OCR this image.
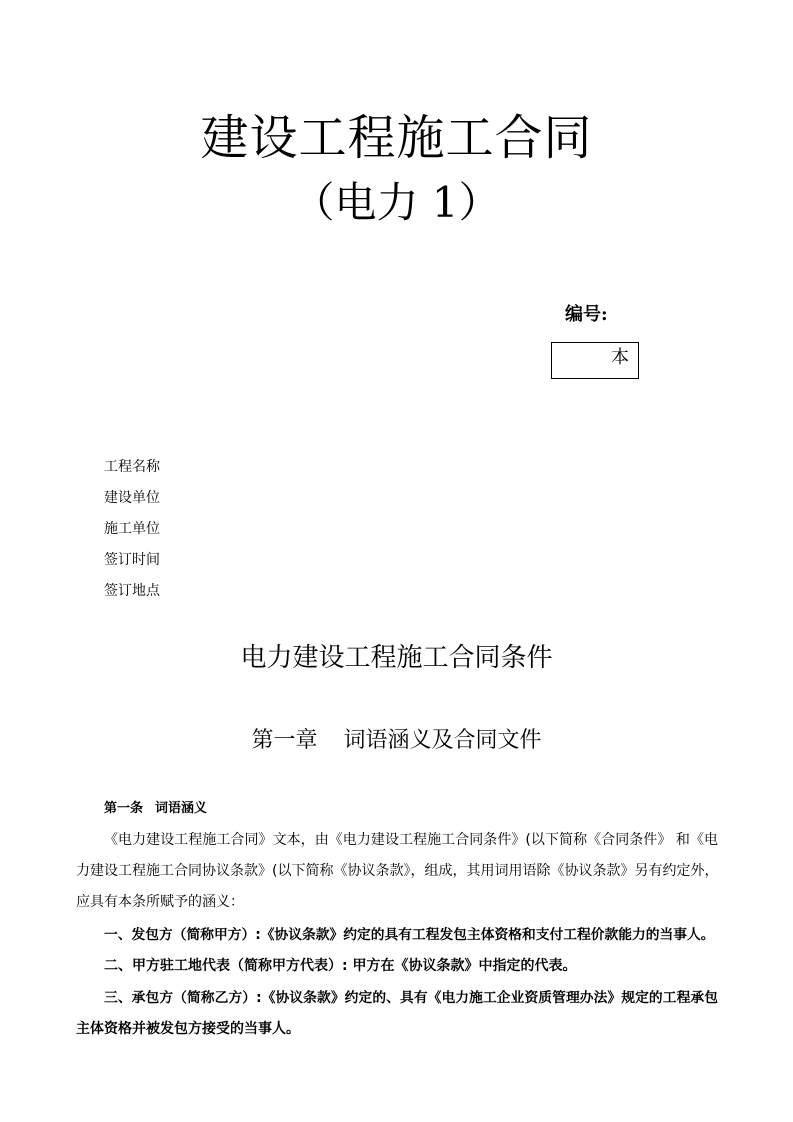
建设工程施工合同
（电力 1）
编号:
本
工程名称
建设单位
施工单位
签订时间
签订地点
电力建设工程施工合同条件
第一章 词语涵义及合同文件
第一条 词语涵义
《电力建设工程施工合同》文本，由《电力建设工程施工合同条件》(以下简称《合同条件》 和《电
力建设工程施工合同协议条款》(以下简称《协议条款》，组成，其用词用语除《协议条款》另有约定外，
应具有本条所赋予的涵义：
一、发包方（简称甲方）:《协议条款》约定的具有工程发包主体资格和支付工程价款能力的当事人。
二、甲方驻工地代表（简称甲方代表）: 甲方在《协议条款》中指定的代表。
三、承包方（简称乙方）:《协议条款》约定的、具有《电力施工企业资质管理办法》规定的工程承包
主体资格并被发包方接受的当事人。
